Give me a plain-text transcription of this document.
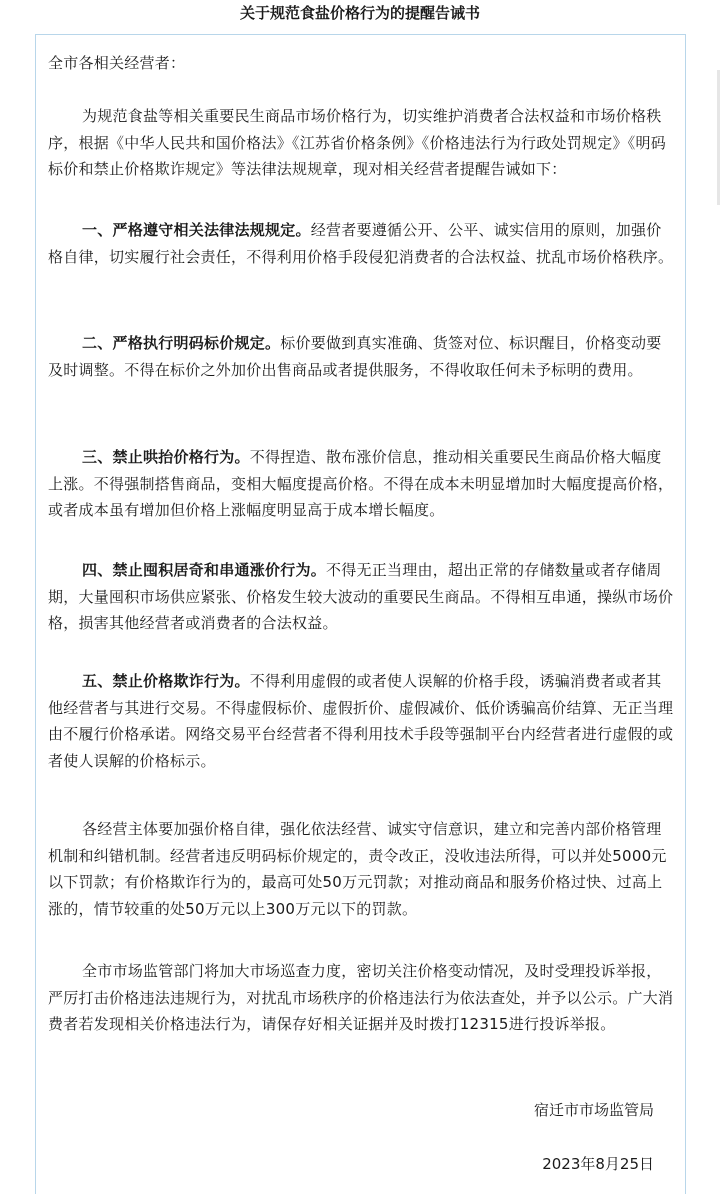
关于规范食盐价格行为的提醒告诫书

全市各相关经营者：

为规范食盐等相关重要民生商品市场价格行为，切实维护消费者合法权益和市场价格秩序，根据《中华人民共和国价格法》《江苏省价格条例》《价格违法行为行政处罚规定》《明码标价和禁止价格欺诈规定》等法律法规规章，现对相关经营者提醒告诫如下：

一、严格遵守相关法律法规规定。经营者要遵循公开、公平、诚实信用的原则，加强价格自律，切实履行社会责任，不得利用价格手段侵犯消费者的合法权益、扰乱市场价格秩序。

二、严格执行明码标价规定。标价要做到真实准确、货签对位、标识醒目，价格变动要及时调整。不得在标价之外加价出售商品或者提供服务，不得收取任何未予标明的费用。

三、禁止哄抬价格行为。不得捏造、散布涨价信息，推动相关重要民生商品价格大幅度上涨。不得强制搭售商品，变相大幅度提高价格。不得在成本未明显增加时大幅度提高价格，或者成本虽有增加但价格上涨幅度明显高于成本增长幅度。

四、禁止囤积居奇和串通涨价行为。不得无正当理由，超出正常的存储数量或者存储周期，大量囤积市场供应紧张、价格发生较大波动的重要民生商品。不得相互串通，操纵市场价格，损害其他经营者或消费者的合法权益。

五、禁止价格欺诈行为。不得利用虚假的或者使人误解的价格手段，诱骗消费者或者其他经营者与其进行交易。不得虚假标价、虚假折价、虚假减价、低价诱骗高价结算、无正当理由不履行价格承诺。网络交易平台经营者不得利用技术手段等强制平台内经营者进行虚假的或者使人误解的价格标示。

各经营主体要加强价格自律，强化依法经营、诚实守信意识，建立和完善内部价格管理机制和纠错机制。经营者违反明码标价规定的，责令改正，没收违法所得，可以并处5000元以下罚款；有价格欺诈行为的，最高可处50万元罚款；对推动商品和服务价格过快、过高上涨的，情节较重的处50万元以上300万元以下的罚款。

全市市场监管部门将加大市场巡查力度，密切关注价格变动情况，及时受理投诉举报，严厉打击价格违法违规行为，对扰乱市场秩序的价格违法行为依法查处，并予以公示。广大消费者若发现相关价格违法行为，请保存好相关证据并及时拨打12315进行投诉举报。

宿迁市市场监管局
2023年8月25日
